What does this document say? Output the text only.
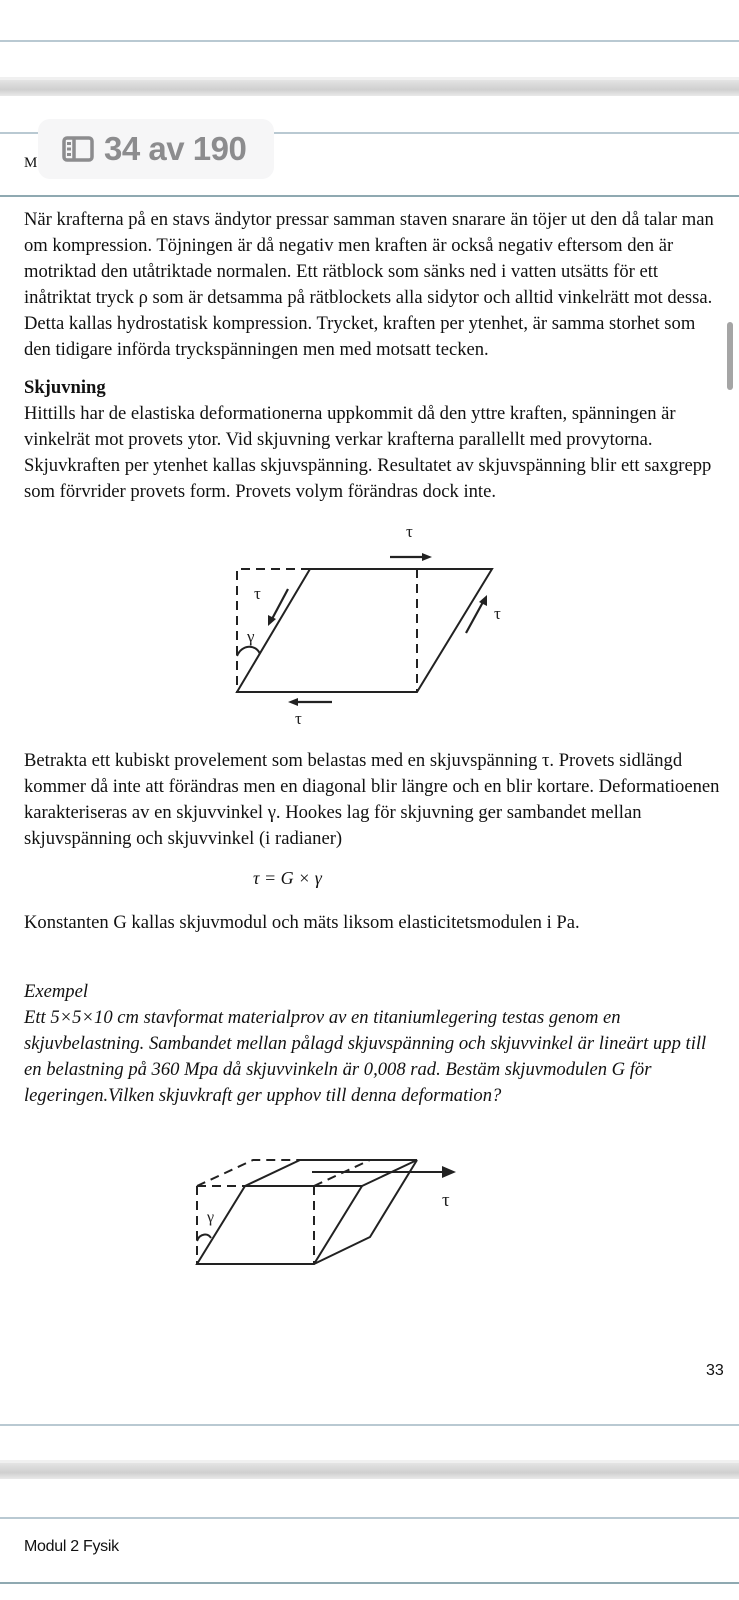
M 34 av 190

När krafterna på en stavs ändytor pressar samman staven snarare än töjer ut den då talar man om kompression. Töjningen är då negativ men kraften är också negativ eftersom den är motriktad den utåtriktade normalen. Ett rätblock som sänks ned i vatten utsätts för ett inåtriktat tryck ρ som är detsamma på rätblockets alla sidytor och alltid vinkelrätt mot dessa. Detta kallas hydrostatisk kompression. Trycket, kraften per ytenhet, är samma storhet som den tidigare införda tryckspänningen men med motsatt tecken.

Skjuvning

Hittills har de elastiska deformationerna uppkommit då den yttre kraften, spänningen är vinkelrät mot provets ytor. Vid skjuvning verkar krafterna parallellt med provytorna. Skjuvkraften per ytenhet kallas skjuvspänning. Resultatet av skjuvspänning blir ett saxgrepp som förvrider provets form. Provets volym förändras dock inte.

τ
τ
γ
τ
τ

Betrakta ett kubiskt provelement som belastas med en skjuvspänning τ. Provets sidlängd kommer då inte att förändras men en diagonal blir längre och en blir kortare. Deformatioenen karakteriseras av en skjuvvinkel γ. Hookes lag för skjuvning ger sambandet mellan skjuvspänning och skjuvvinkel (i radianer)

τ = G × γ

Konstanten G kallas skjuvmodul och mäts liksom elasticitetsmodulen i Pa.

Exempel

Ett 5×5×10 cm stavformat materialprov av en titaniumlegering testas genom en skjuvbelastning. Sambandet mellan pålagd skjuvspänning och skjuvvinkel är lineärt upp till en belastning på 360 Mpa då skjuvvinkeln är 0,008 rad. Bestäm skjuvmodulen G för legeringen.Vilken skjuvkraft ger upphov till denna deformation?

γ
τ
33
Modul 2 Fysik
